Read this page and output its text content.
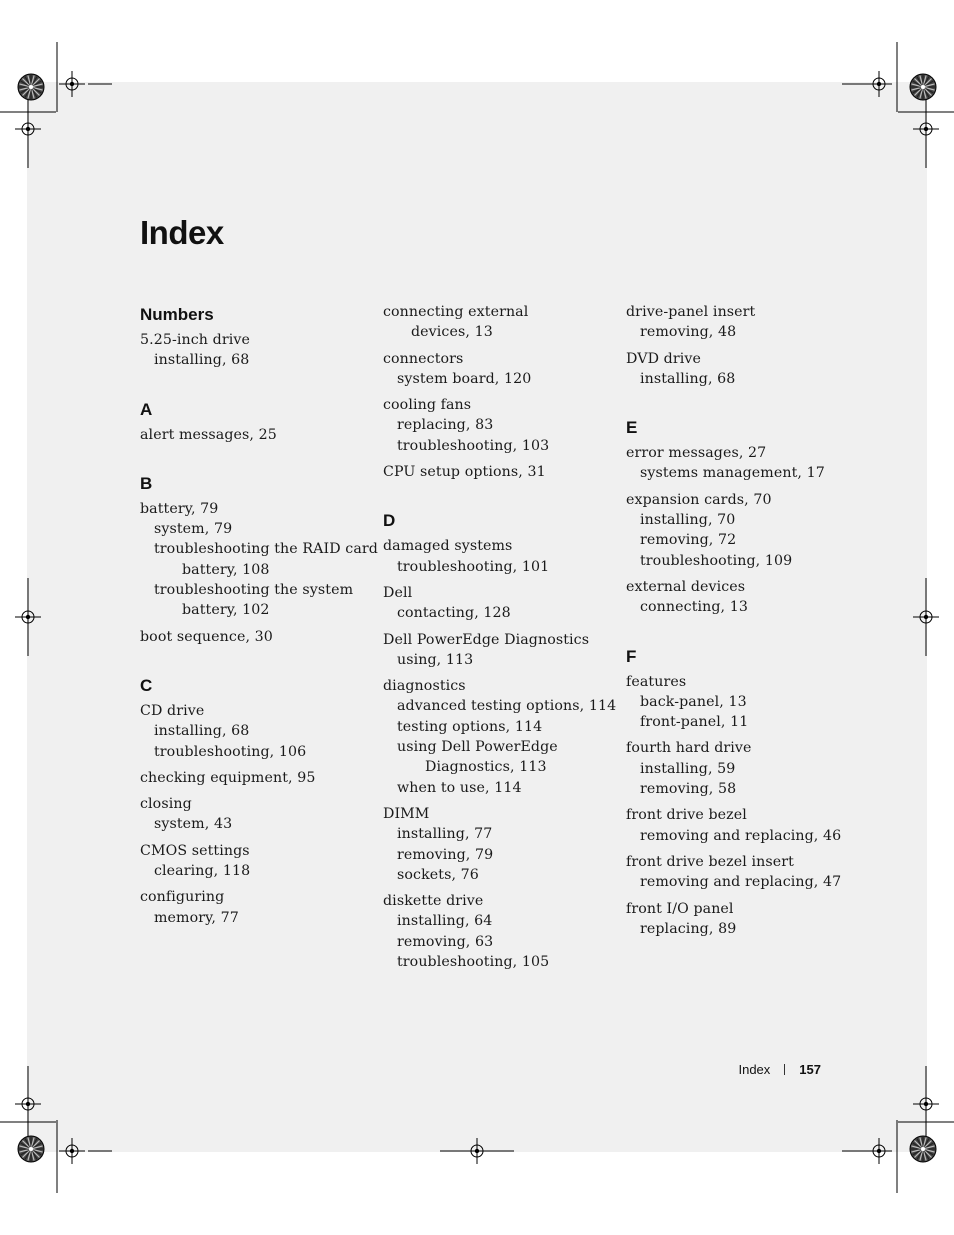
Index
Numbers
5.25-inch drive
installing, 68
A
alert messages, 25
B
battery, 79
system, 79
troubleshooting the RAID card
battery, 108
troubleshooting the system
battery, 102
boot sequence, 30
C
CD drive
installing, 68
troubleshooting, 106
checking equipment, 95
closing
system, 43
CMOS settings
clearing, 118
configuring
memory, 77
connecting external
devices, 13
connectors
system board, 120
cooling fans
replacing, 83
troubleshooting, 103
CPU setup options, 31
D
damaged systems
troubleshooting, 101
Dell
contacting, 128
Dell PowerEdge Diagnostics
using, 113
diagnostics
advanced testing options, 114
testing options, 114
using Dell PowerEdge
Diagnostics, 113
when to use, 114
DIMM
installing, 77
removing, 79
sockets, 76
diskette drive
installing, 64
removing, 63
troubleshooting, 105
drive-panel insert
removing, 48
DVD drive
installing, 68
E
error messages, 27
systems management, 17
expansion cards, 70
installing, 70
removing, 72
troubleshooting, 109
external devices
connecting, 13
F
features
back-panel, 13
front-panel, 11
fourth hard drive
installing, 59
removing, 58
front drive bezel
removing and replacing, 46
front drive bezel insert
removing and replacing, 47
front I/O panel
replacing, 89
Index 157
